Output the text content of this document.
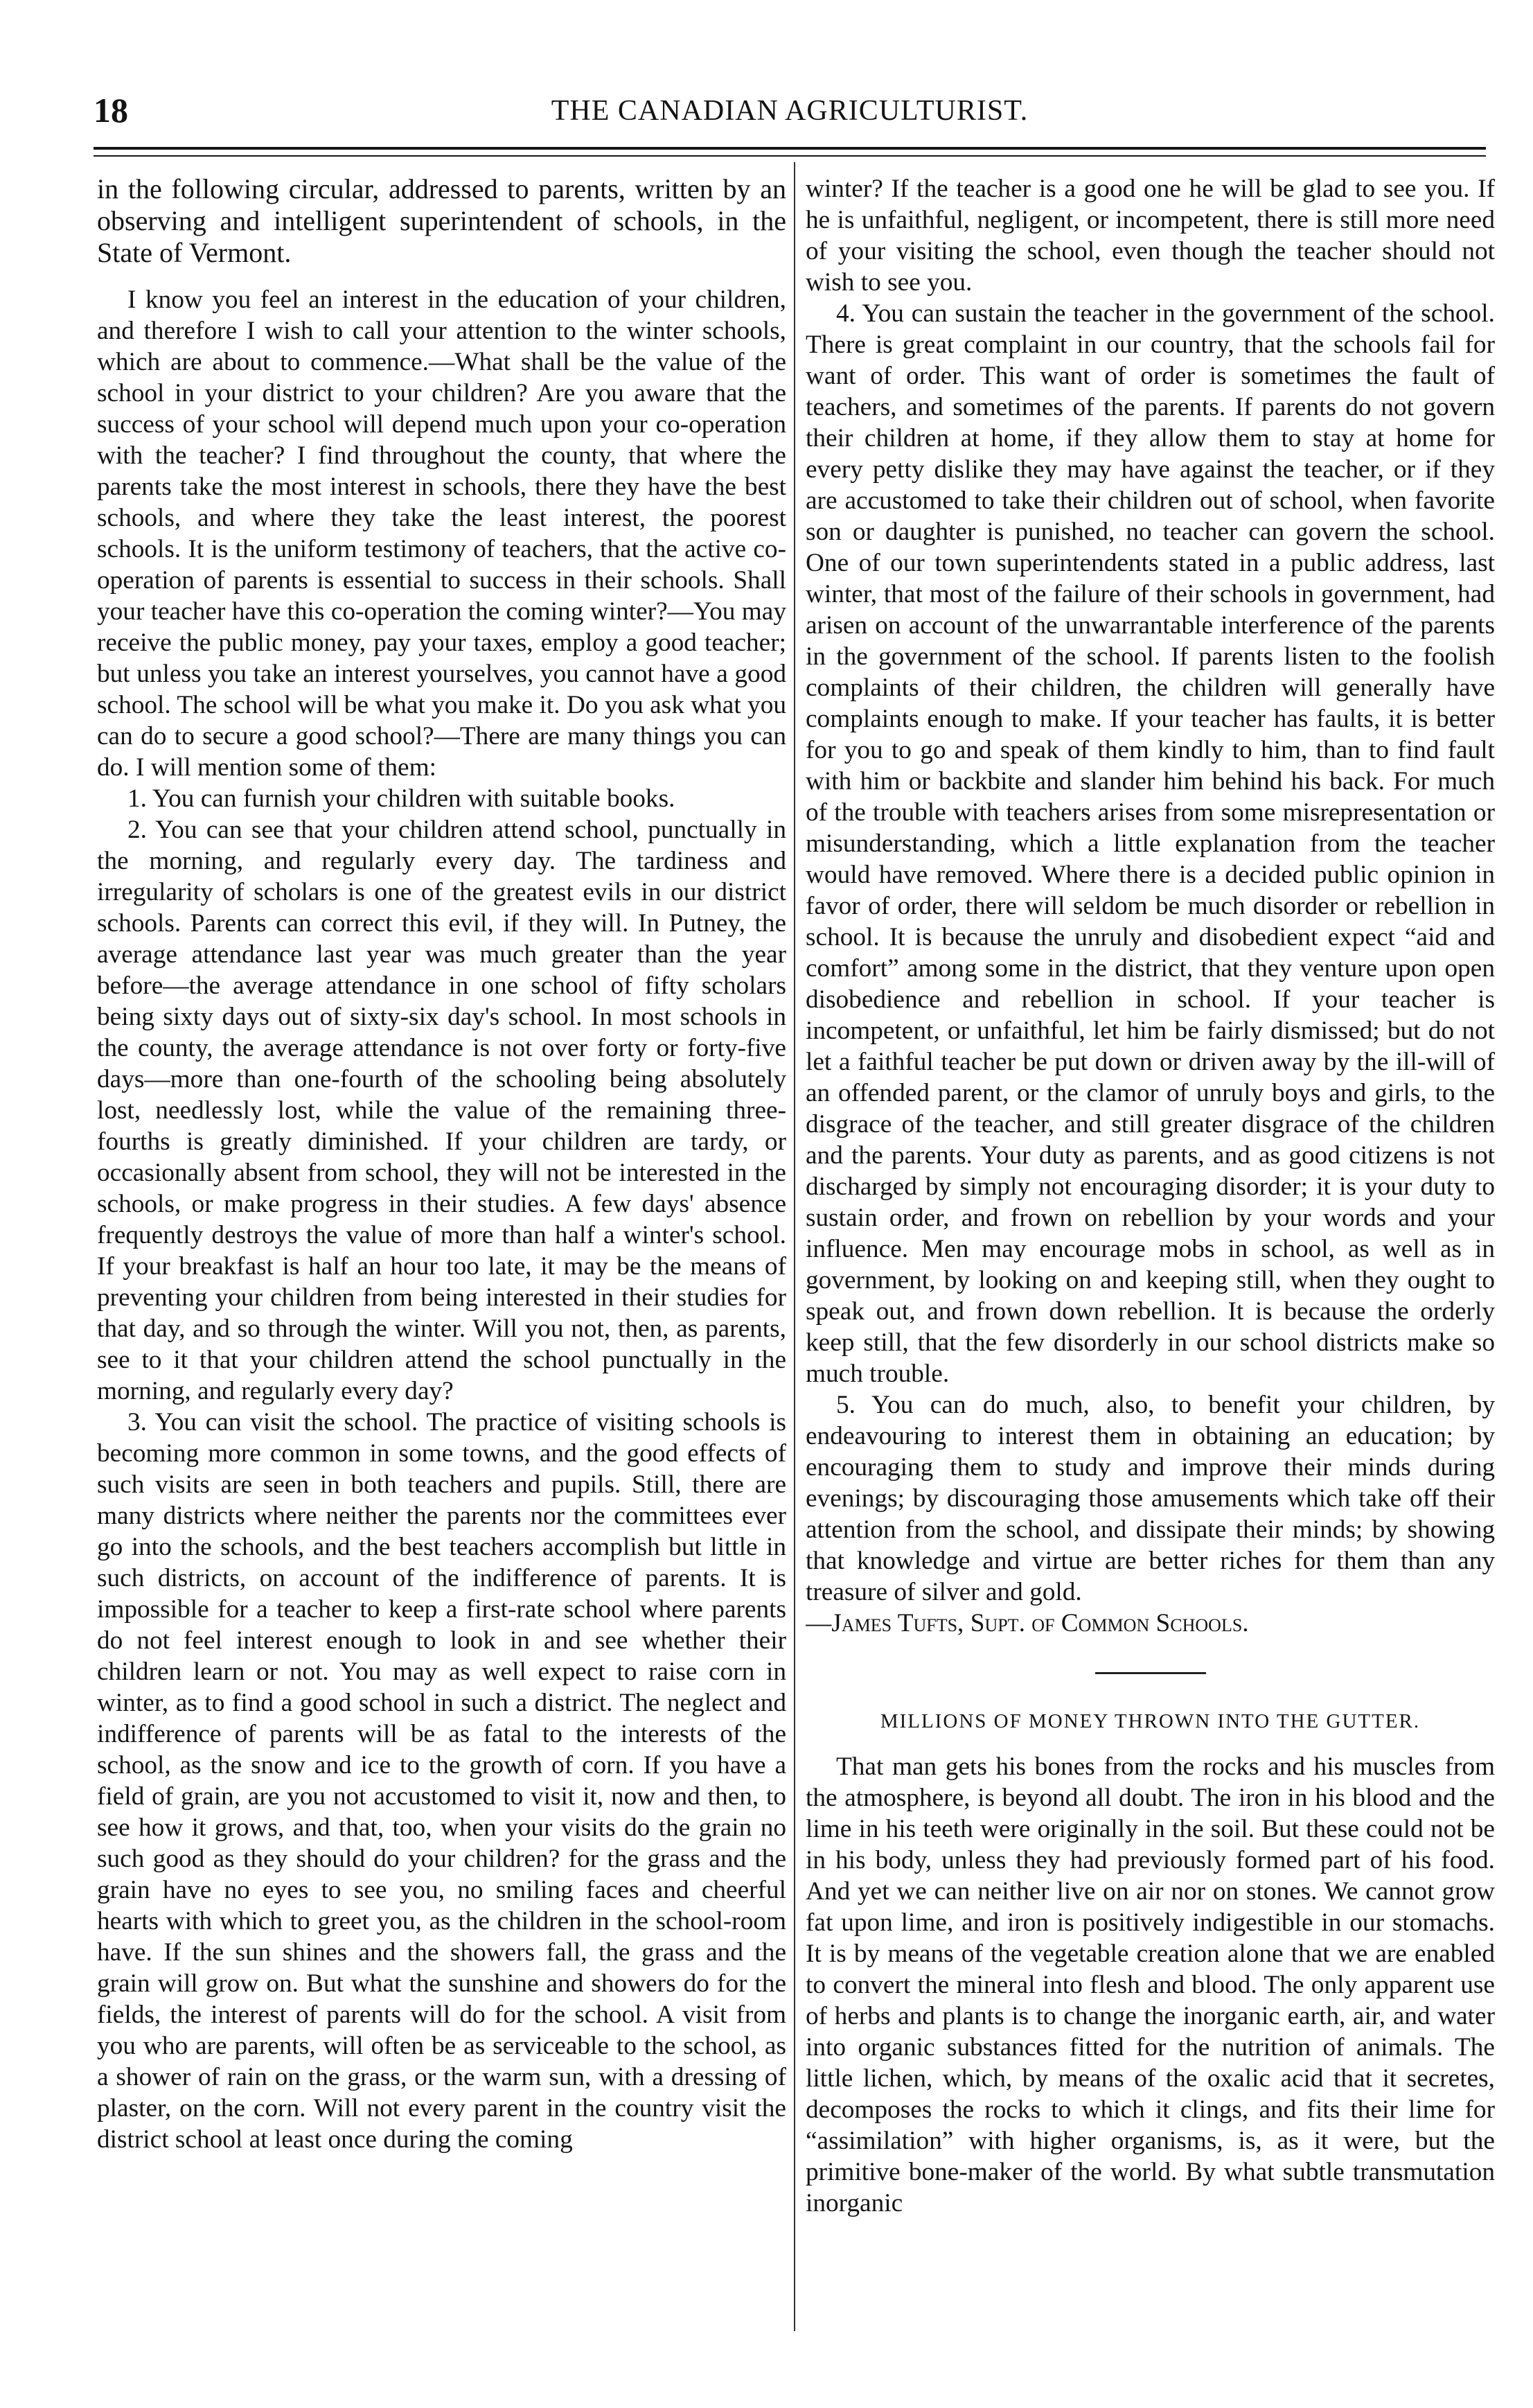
18	THE CANADIAN AGRICULTURIST.

in the following circular, addressed to parents, written by an observing and intelligent superintendent of schools, in the State of Vermont.

I know you feel an interest in the education of your children, and therefore I wish to call your attention to the winter schools, which are about to commence.—What shall be the value of the school in your district to your children? Are you aware that the success of your school will depend much upon your co-operation with the teacher? I find throughout the county, that where the parents take the most interest in schools, there they have the best schools, and where they take the least interest, the poorest schools. It is the uniform testimony of teachers, that the active co-operation of parents is essential to success in their schools. Shall your teacher have this co-operation the coming winter?—You may receive the public money, pay your taxes, employ a good teacher; but unless you take an interest yourselves, you cannot have a good school. The school will be what you make it. Do you ask what you can do to secure a good school?—There are many things you can do. I will mention some of them:

1. You can furnish your children with suitable books.

2. You can see that your children attend school, punctually in the morning, and regularly every day. The tardiness and irregularity of scholars is one of the greatest evils in our district schools. Parents can correct this evil, if they will. In Putney, the average attendance last year was much greater than the year before—the average attendance in one school of fifty scholars being sixty days out of sixty-six day's school. In most schools in the county, the average attendance is not over forty or forty-five days—more than one-fourth of the schooling being absolutely lost, needlessly lost, while the value of the remaining three-fourths is greatly diminished. If your children are tardy, or occasionally absent from school, they will not be interested in the schools, or make progress in their studies. A few days' absence frequently destroys the value of more than half a winter's school. If your breakfast is half an hour too late, it may be the means of preventing your children from being interested in their studies for that day, and so through the winter. Will you not, then, as parents, see to it that your children attend the school punctually in the morning, and regularly every day?

3. You can visit the school. The practice of visiting schools is becoming more common in some towns, and the good effects of such visits are seen in both teachers and pupils. Still, there are many districts where neither the parents nor the committees ever go into the schools, and the best teachers accomplish but little in such districts, on account of the indifference of parents. It is impossible for a teacher to keep a first-rate school where parents do not feel interest enough to look in and see whether their children learn or not. You may as well expect to raise corn in winter, as to find a good school in such a district. The neglect and indifference of parents will be as fatal to the interests of the school, as the snow and ice to the growth of corn. If you have a field of grain, are you not accustomed to visit it, now and then, to see how it grows, and that, too, when your visits do the grain no such good as they should do your children? for the grass and the grain have no eyes to see you, no smiling faces and cheerful hearts with which to greet you, as the children in the school-room have. If the sun shines and the showers fall, the grass and the grain will grow on. But what the sunshine and showers do for the fields, the interest of parents will do for the school. A visit from you who are parents, will often be as serviceable to the school, as a shower of rain on the grass, or the warm sun, with a dressing of plaster, on the corn. Will not every parent in the country visit the district school at least once during the coming

winter? If the teacher is a good one he will be glad to see you. If he is unfaithful, negligent, or incompetent, there is still more need of your visiting the school, even though the teacher should not wish to see you.

4. You can sustain the teacher in the government of the school. There is great complaint in our country, that the schools fail for want of order. This want of order is sometimes the fault of teachers, and sometimes of the parents. If parents do not govern their children at home, if they allow them to stay at home for every petty dislike they may have against the teacher, or if they are accustomed to take their children out of school, when favorite son or daughter is punished, no teacher can govern the school. One of our town superintendents stated in a public address, last winter, that most of the failure of their schools in government, had arisen on account of the unwarrantable interference of the parents in the government of the school. If parents listen to the foolish complaints of their children, the children will generally have complaints enough to make. If your teacher has faults, it is better for you to go and speak of them kindly to him, than to find fault with him or backbite and slander him behind his back. For much of the trouble with teachers arises from some misrepresentation or misunderstanding, which a little explanation from the teacher would have removed. Where there is a decided public opinion in favor of order, there will seldom be much disorder or rebellion in school. It is because the unruly and disobedient expect “aid and comfort” among some in the district, that they venture upon open disobedience and rebellion in school. If your teacher is incompetent, or unfaithful, let him be fairly dismissed; but do not let a faithful teacher be put down or driven away by the ill-will of an offended parent, or the clamor of unruly boys and girls, to the disgrace of the teacher, and still greater disgrace of the children and the parents. Your duty as parents, and as good citizens is not discharged by simply not encouraging disorder; it is your duty to sustain order, and frown on rebellion by your words and your influence. Men may encourage mobs in school, as well as in government, by looking on and keeping still, when they ought to speak out, and frown down rebellion. It is because the orderly keep still, that the few disorderly in our school districts make so much trouble.

5. You can do much, also, to benefit your children, by endeavouring to interest them in obtaining an education; by encouraging them to study and improve their minds during evenings; by discouraging those amusements which take off their attention from the school, and dissipate their minds; by showing that knowledge and virtue are better riches for them than any treasure of silver and gold.

—James Tufts, Supt. of Common Schools.

MILLIONS OF MONEY THROWN INTO THE GUTTER.

That man gets his bones from the rocks and his muscles from the atmosphere, is beyond all doubt. The iron in his blood and the lime in his teeth were originally in the soil. But these could not be in his body, unless they had previously formed part of his food. And yet we can neither live on air nor on stones. We cannot grow fat upon lime, and iron is positively indigestible in our stomachs. It is by means of the vegetable creation alone that we are enabled to convert the mineral into flesh and blood. The only apparent use of herbs and plants is to change the inorganic earth, air, and water into organic substances fitted for the nutrition of animals. The little lichen, which, by means of the oxalic acid that it secretes, decomposes the rocks to which it clings, and fits their lime for “assimilation” with higher organisms, is, as it were, but the primitive bone-maker of the world. By what subtle transmutation inorganic
